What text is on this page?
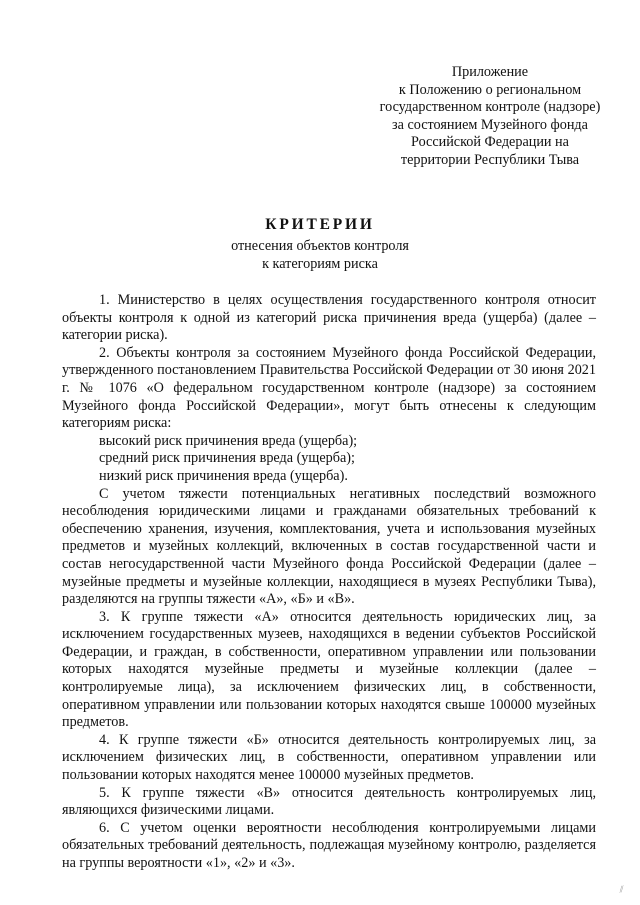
Приложение
к Положению о региональном
государственном контроле (надзоре)
за состоянием Музейного фонда
Российской Федерации на
территории Республики Тыва
КРИТЕРИИ
отнесения объектов контроля
к категориям риска

1. Министерство в целях осуществления государственного контроля относит объекты контроля к одной из категорий риска причинения вреда (ущерба) (далее – категории риска).

2. Объекты контроля за состоянием Музейного фонда Российской Федерации, утвержденного постановлением Правительства Российской Федерации от 30 июня 2021 г. № 1076 «О федеральном государственном контроле (надзоре) за состоянием Музейного фонда Российской Федерации», могут быть отнесены к следующим категориям риска:

высокий риск причинения вреда (ущерба);

средний риск причинения вреда (ущерба);

низкий риск причинения вреда (ущерба).

С учетом тяжести потенциальных негативных последствий возможного несоблюдения юридическими лицами и гражданами обязательных требований к обеспечению хранения, изучения, комплектования, учета и использования музейных предметов и музейных коллекций, включенных в состав государственной части и состав негосударственной части Музейного фонда Российской Федерации (далее – музейные предметы и музейные коллекции, находящиеся в музеях Республики Тыва), разделяются на группы тяжести «А», «Б» и «В».

3. К группе тяжести «А» относится деятельность юридических лиц, за исключением государственных музеев, находящихся в ведении субъектов Российской Федерации, и граждан, в собственности, оперативном управлении или пользовании которых находятся музейные предметы и музейные коллекции (далее – контролируемые лица), за исключением физических лиц, в собственности, оперативном управлении или пользовании которых находятся свыше 100000 музейных предметов.

4. К группе тяжести «Б» относится деятельность контролируемых лиц, за исключением физических лиц, в собственности, оперативном управлении или пользовании которых находятся менее 100000 музейных предметов.

5. К группе тяжести «В» относится деятельность контролируемых лиц, являющихся физическими лицами.

6. С учетом оценки вероятности несоблюдения контролируемыми лицами обязательных требований деятельность, подлежащая музейному контролю, разделяется на группы вероятности «1», «2» и «3».

⁄⁄
